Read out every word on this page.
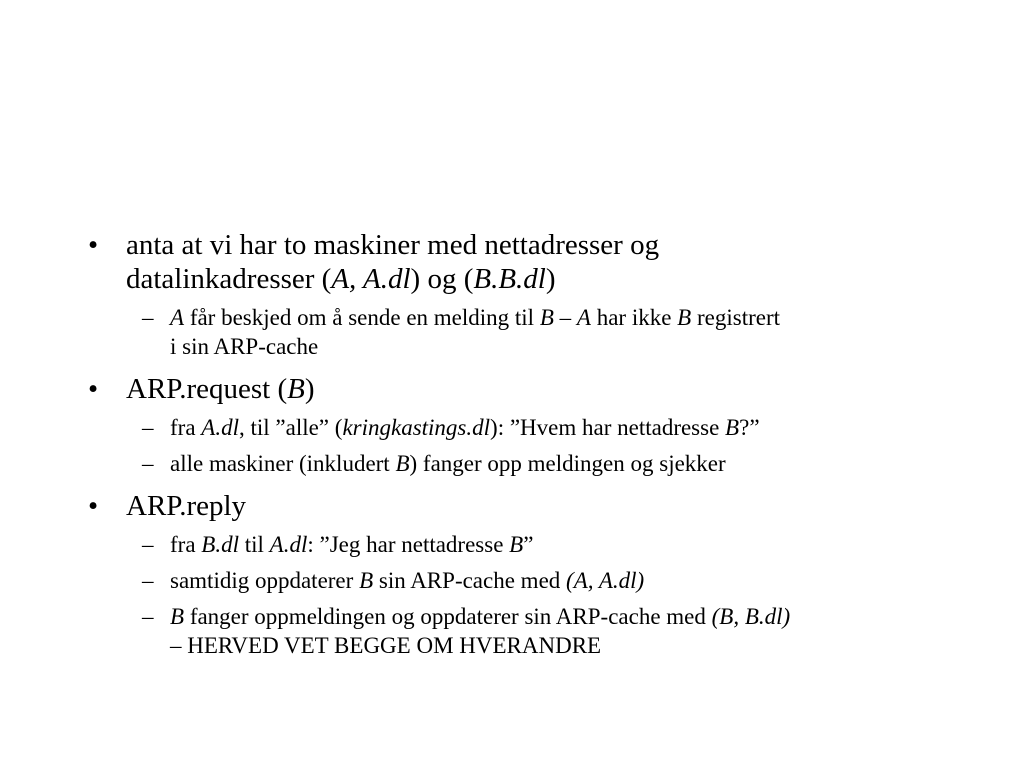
• anta at vi har to maskiner med nettadresser og
datalinkadresser (A, A.dl) og (B.B.dl)
– A får beskjed om å sende en melding til B – A har ikke B registrert
i sin ARP-cache
• ARP.request (B)
– fra A.dl, til ”alle” (kringkastings.dl): ”Hvem har nettadresse B?”
– alle maskiner (inkludert B) fanger opp meldingen og sjekker
• ARP.reply
– fra B.dl til A.dl: ”Jeg har nettadresse B”
– samtidig oppdaterer B sin ARP-cache med (A, A.dl)
– B fanger oppmeldingen og oppdaterer sin ARP-cache med (B, B.dl)
– HERVED VET BEGGE OM HVERANDRE
